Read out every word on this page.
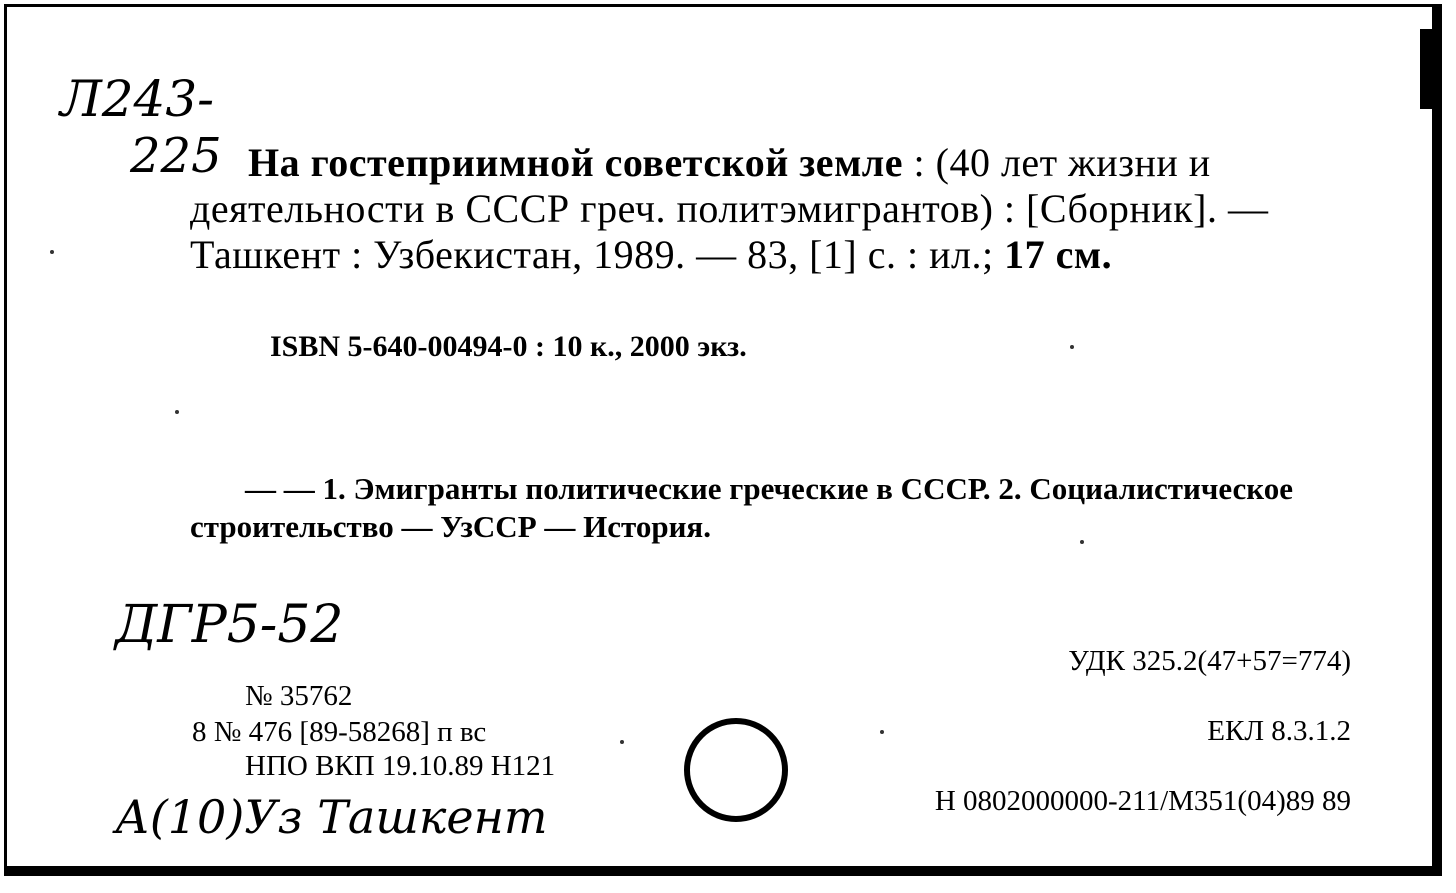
Л243-
225 На гостеприимной советской земле : (40 лет жизни и деятельности в СССР греч. политэмигрантов) : [Сборник]. — Ташкент : Узбекистан, 1989. — 83, [1] с. : ил.; 17 см.
ISBN 5-640-00494-0 : 10 к., 2000 экз.
— — 1. Эмигранты политические греческие в СССР. 2. Социалистическое строительство — УзССР — История.
ДГР5-52
№ 35762
8 № 476 [89-58268] п вс
НПО ВКП 19.10.89 Н121
А(10)Уз Ташкент
УДК 325.2(47+57=774)
ЕКЛ 8.3.1.2
Н 0802000000-211/М351(04)89 89
